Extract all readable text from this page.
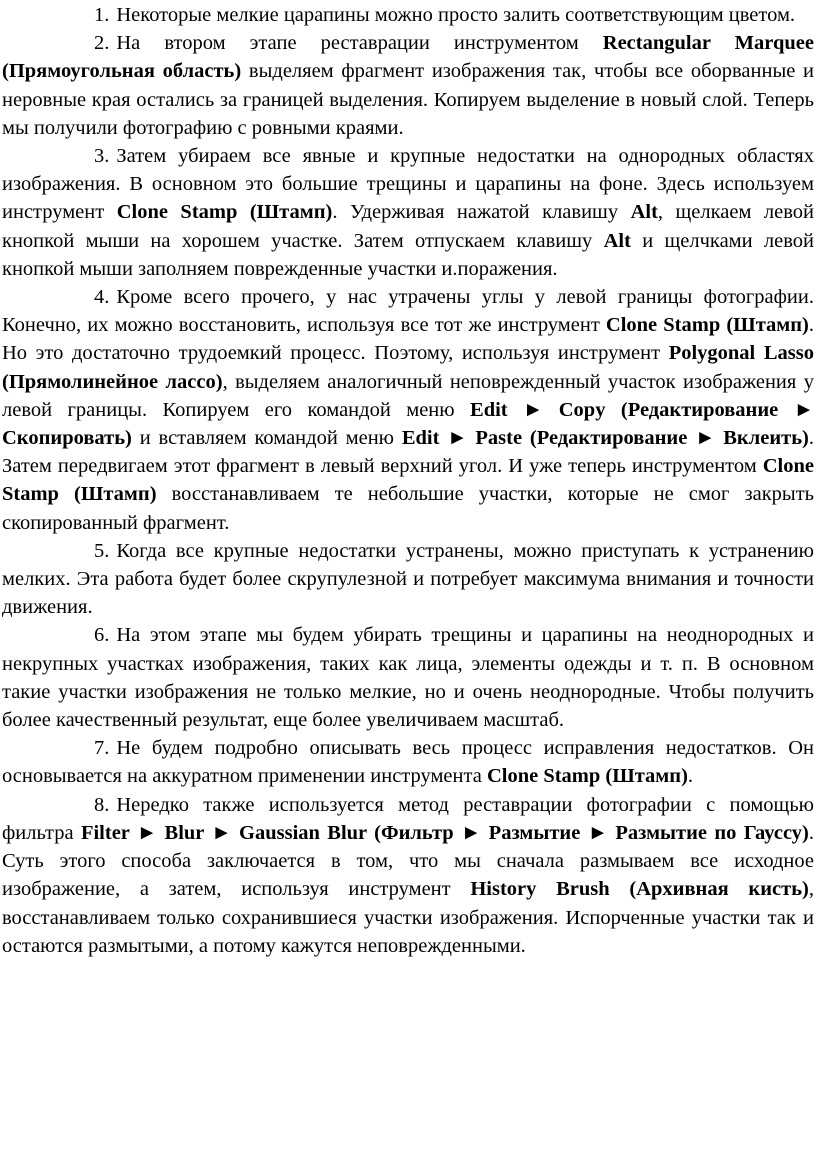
1. Некоторые мелкие царапины можно просто залить соответствующим цветом.

2. На втором этапе реставрации инструментом Rectangular Marquee (Прямоугольная область) выделяем фрагмент изображения так, чтобы все оборванные и неровные края остались за границей выделения. Копируем выделение в новый слой. Теперь мы получили фотографию с ровными краями.

3. Затем убираем все явные и крупные недостатки на однородных областях изображения. В основном это большие трещины и царапины на фоне. Здесь используем инструмент Clone Stamp (Штамп). Удерживая нажатой клавишу Alt, щелкаем левой кнопкой мыши на хорошем участке. Затем отпускаем клавишу Alt и щелчками левой кнопкой мыши заполняем поврежденные участки и.поражения.

4. Кроме всего прочего, у нас утрачены углы у левой границы фотографии. Конечно, их можно восстановить, используя все тот же инструмент Clone Stamp (Штамп). Но это достаточно трудоемкий процесс. Поэтому, используя инструмент Polygonal Lasso (Прямолинейное лассо), выделяем аналогичный неповрежденный участок изображения у левой границы. Копируем его командой меню Edit ► Copy (Редактирование ► Скопировать) и вставляем командой меню Edit ► Paste (Редактирование ► Вклеить). Затем передвигаем этот фрагмент в левый верхний угол. И уже теперь инструментом Clone Stamp (Штамп) восстанавливаем те небольшие участки, которые не смог закрыть скопированный фрагмент.

5. Когда все крупные недостатки устранены, можно приступать к устранению мелких. Эта работа будет более скрупулезной и потребует максимума внимания и точности движения.

6. На этом этапе мы будем убирать трещины и царапины на неоднородных и некрупных участках изображения, таких как лица, элементы одежды и т. п. В основном такие участки изображения не только мелкие, но и очень неоднородные. Чтобы получить более качественный результат, еще более увеличиваем масштаб.

7. Не будем подробно описывать весь процесс исправления недостатков. Он основывается на аккуратном применении инструмента Clone Stamp (Штамп).

8. Нередко также используется метод реставрации фотографии с помощью фильтра Filter ► Blur ► Gaussian Blur (Фильтр ► Размытие ► Размытие по Гауссу). Суть этого способа заключается в том, что мы сначала размываем все исходное изображение, а затем, используя инструмент History Brush (Архивная кисть), восстанавливаем только сохранившиеся участки изображения. Испорченные участки так и остаются размытыми, а потому кажутся неповрежденными.
